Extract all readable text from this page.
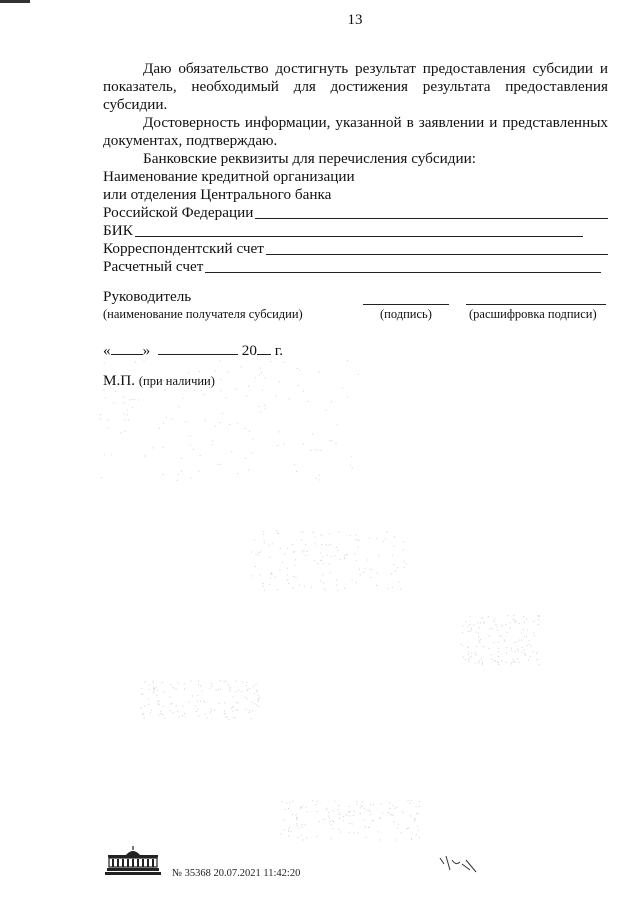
13

Даю обязательство достигнуть результат предоставления субсидии и

показатель, необходимый для достижения результата предоставления

субсидии.

Достоверность информации, указанной в заявлении и представленных

документах, подтверждаю.

Банковские реквизиты для перечисления субсидии:

Наименование кредитной организации

или отделения Центрального банка

Российской Федерации
БИК
Корреспондентский счет
Расчетный счет
Руководитель
(наименование получателя субсидии)	(подпись)	(расшифровка подписи)
« »	20 г.
М.П. (при наличии)
№ 35368 20.07.2021 11:42:20
